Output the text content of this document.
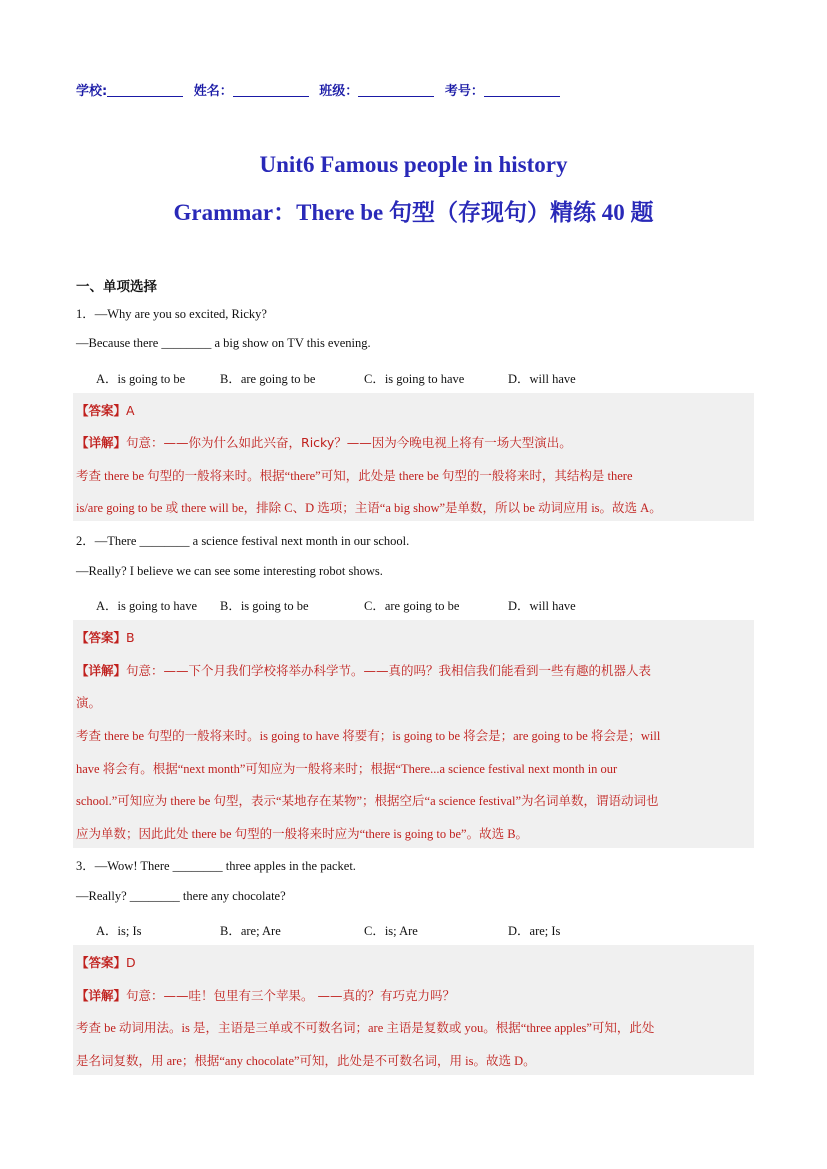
学校:	姓名：	班级：	考号：
Unit6 Famous people in history
Grammar：There be 句型（存现句）精练 40 题
一、单项选择
1．—Why are you so excited, Ricky?
—Because there ________ a big show on TV this evening.
A．is going to be	B．are going to be	C．is going to have	D．will have
【答案】A
【详解】句意：——你为什么如此兴奋，Ricky？——因为今晚电视上将有一场大型演出。
考查 there be 句型的一般将来时。根据“there”可知，此处是 there be 句型的一般将来时，其结构是 there
is/are going to be 或 there will be，排除 C、D 选项；主语“a big show”是单数，所以 be 动词应用 is。故选 A。
2．—There ________ a science festival next month in our school.
—Really? I believe we can see some interesting robot shows.
A．is going to have B．is going to be	C．are going to be	D．will have
【答案】B
【详解】句意：——下个月我们学校将举办科学节。——真的吗？我相信我们能看到一些有趣的机器人表
演。
考查 there be 句型的一般将来时。is going to have 将要有；is going to be 将会是；are going to be 将会是；will
have 将会有。根据“next month”可知应为一般将来时；根据“There...a science festival next month in our
school.”可知应为 there be 句型，表示“某地存在某物”；根据空后“a science festival”为名词单数，谓语动词也
应为单数；因此此处 there be 句型的一般将来时应为“there is going to be”。故选 B。
3．—Wow! There ________ three apples in the packet.
—Really? ________ there any chocolate?
A．is; Is	B．are; Are	C．is; Are	D．are; Is
【答案】D
【详解】句意：——哇！包里有三个苹果。 ——真的？有巧克力吗？
考查 be 动词用法。is 是，主语是三单或不可数名词；are 主语是复数或 you。根据“three apples”可知，此处
是名词复数，用 are；根据“any chocolate”可知，此处是不可数名词，用 is。故选 D。
